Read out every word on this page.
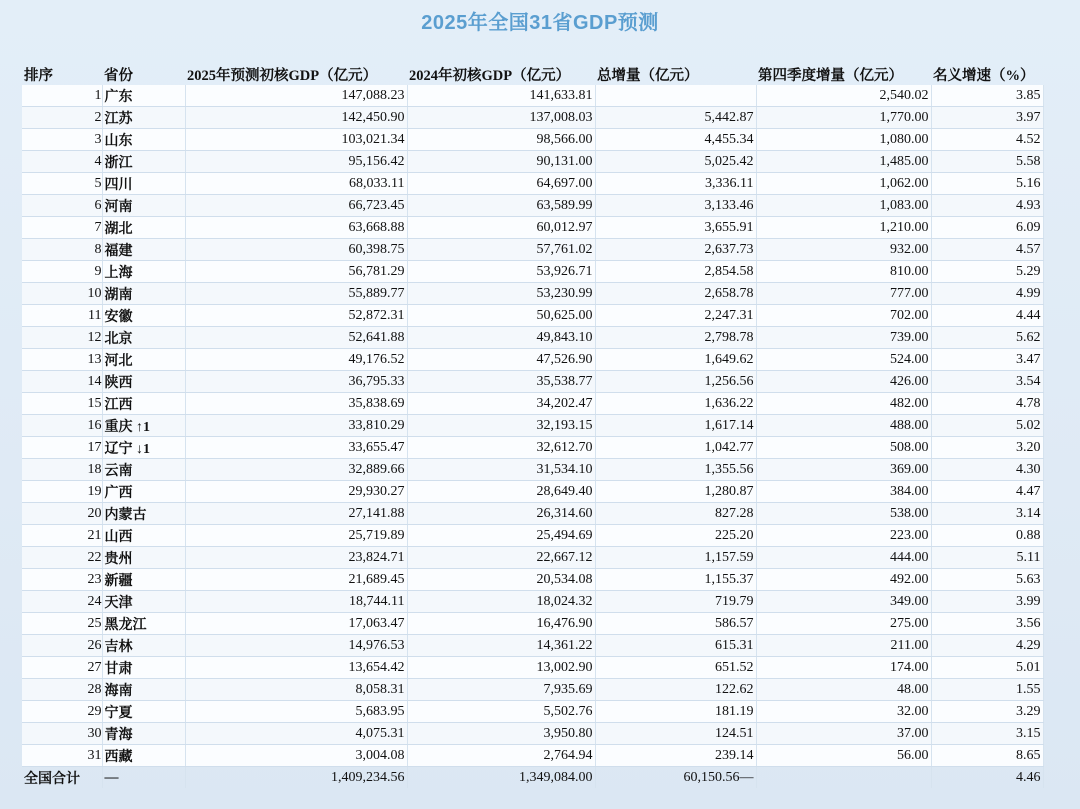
2025年全国31省GDP预测
排序	省份	2025年预测初核GDP（亿元）	2024年初核GDP（亿元）	总增量（亿元）	第四季度增量（亿元）	名义增速（%）
1	广东	147,088.23	141,633.81		2,540.02	3.85
2	江苏	142,450.90	137,008.03	5,442.87	1,770.00	3.97
3	山东	103,021.34	98,566.00	4,455.34	1,080.00	4.52
4	浙江	95,156.42	90,131.00	5,025.42	1,485.00	5.58
5	四川	68,033.11	64,697.00	3,336.11	1,062.00	5.16
6	河南	66,723.45	63,589.99	3,133.46	1,083.00	4.93
7	湖北	63,668.88	60,012.97	3,655.91	1,210.00	6.09
8	福建	60,398.75	57,761.02	2,637.73	932.00	4.57
9	上海	56,781.29	53,926.71	2,854.58	810.00	5.29
10	湖南	55,889.77	53,230.99	2,658.78	777.00	4.99
11	安徽	52,872.31	50,625.00	2,247.31	702.00	4.44
12	北京	52,641.88	49,843.10	2,798.78	739.00	5.62
13	河北	49,176.52	47,526.90	1,649.62	524.00	3.47
14	陕西	36,795.33	35,538.77	1,256.56	426.00	3.54
15	江西	35,838.69	34,202.47	1,636.22	482.00	4.78
16	重庆 ↑1	33,810.29	32,193.15	1,617.14	488.00	5.02
17	辽宁 ↓1	33,655.47	32,612.70	1,042.77	508.00	3.20
18	云南	32,889.66	31,534.10	1,355.56	369.00	4.30
19	广西	29,930.27	28,649.40	1,280.87	384.00	4.47
20	内蒙古	27,141.88	26,314.60	827.28	538.00	3.14
21	山西	25,719.89	25,494.69	225.20	223.00	0.88
22	贵州	23,824.71	22,667.12	1,157.59	444.00	5.11
23	新疆	21,689.45	20,534.08	1,155.37	492.00	5.63
24	天津	18,744.11	18,024.32	719.79	349.00	3.99
25	黑龙江	17,063.47	16,476.90	586.57	275.00	3.56
26	吉林	14,976.53	14,361.22	615.31	211.00	4.29
27	甘肃	13,654.42	13,002.90	651.52	174.00	5.01
28	海南	8,058.31	7,935.69	122.62	48.00	1.55
29	宁夏	5,683.95	5,502.76	181.19	32.00	3.29
30	青海	4,075.31	3,950.80	124.51	37.00	3.15
31	西藏	3,004.08	2,764.94	239.14	56.00	8.65
全国合计	—	1,409,234.56	1,349,084.00	60,150.56—		4.46
